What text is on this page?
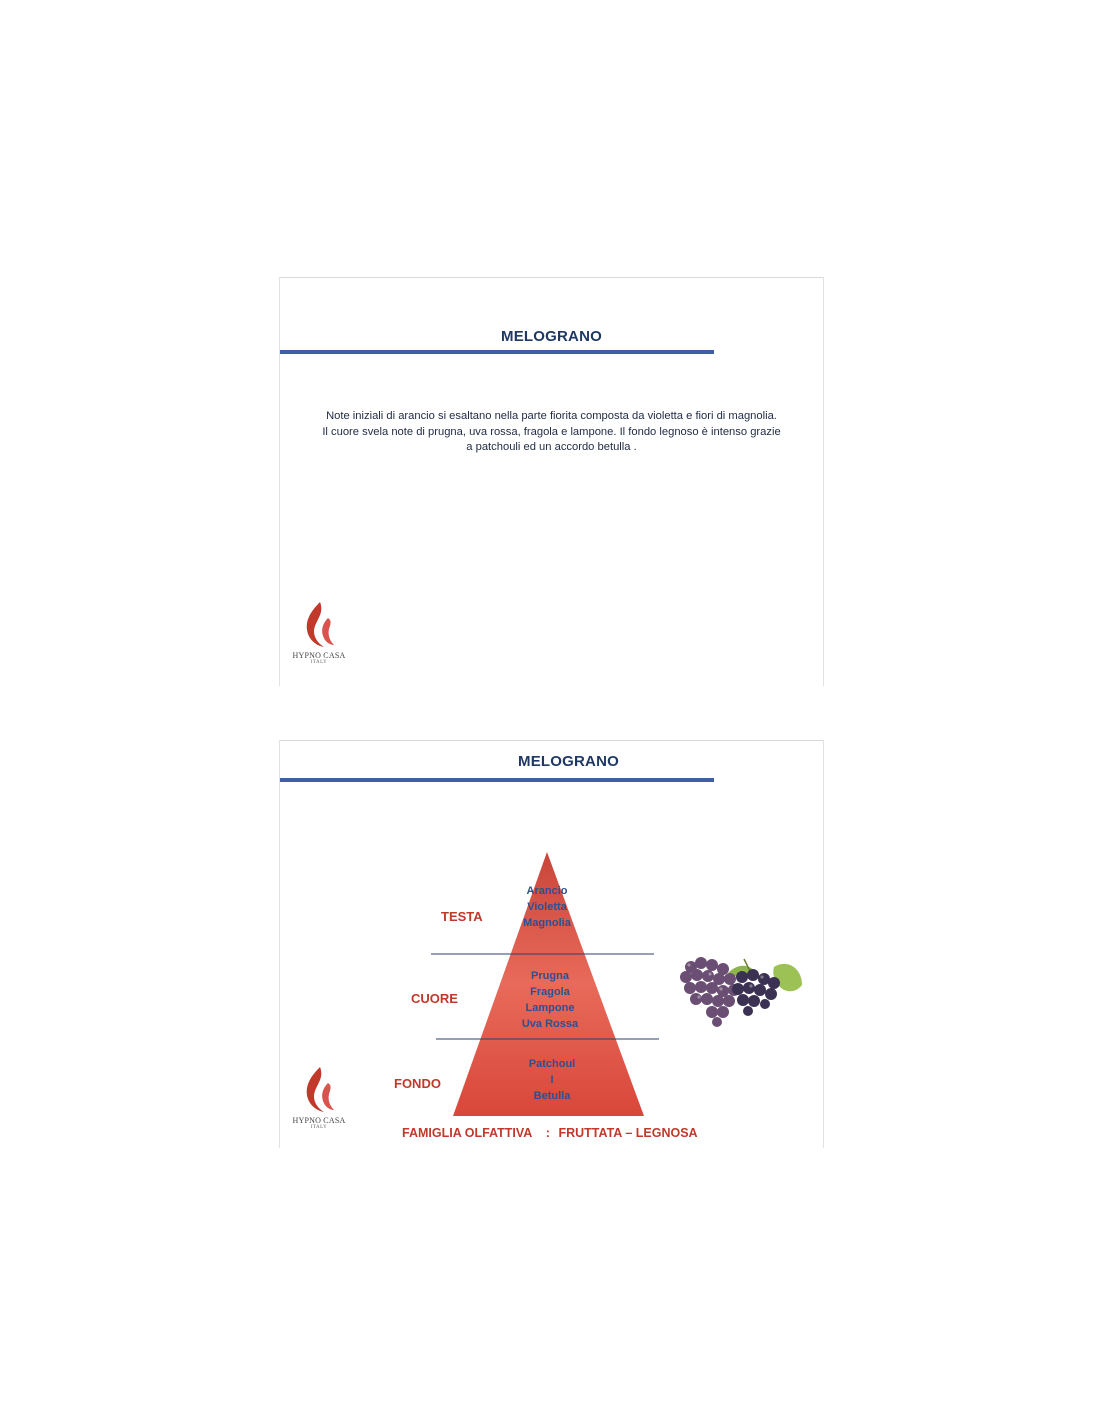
MELOGRANO
Note iniziali di arancio si esaltano nella parte fiorita composta da violetta e fiori di magnolia.
Il cuore svela note di prugna, uva rossa, fragola e lampone. Il fondo legnoso è intenso grazie
a patchouli ed un accordo betulla .
HYPNO CASA
ITALY
MELOGRANO
TESTA
CUORE
FONDO
Arancio
Violetta
Magnolia
Prugna
Fragola
Lampone
Uva Rossa
Patchoul
I
Betulla
FAMIGLIA OLFATTIVA : FRUTTATA – LEGNOSA
HYPNO CASA
ITALY
